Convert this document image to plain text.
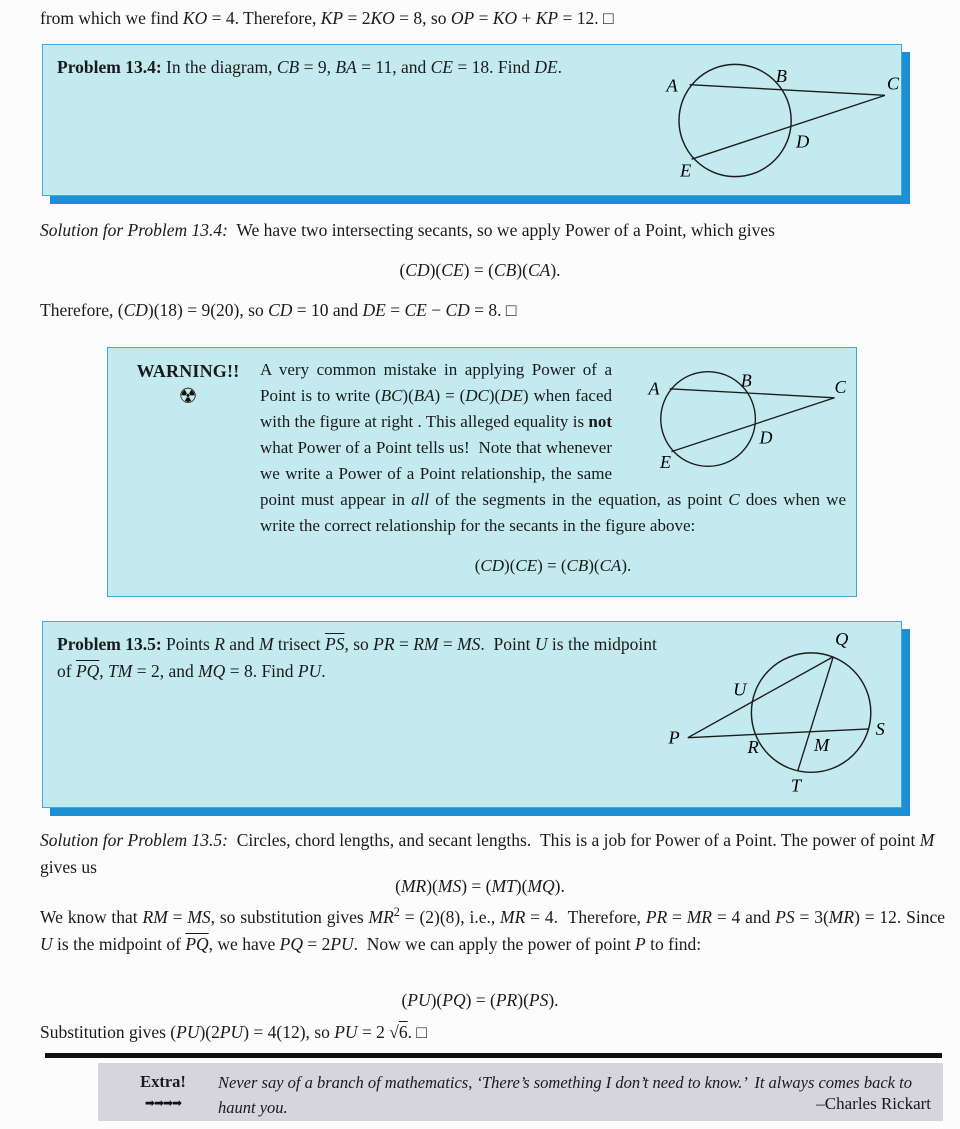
from which we find KO = 4. Therefore, KP = 2KO = 8, so OP = KO + KP = 12. □
Problem 13.4: In the diagram, CB = 9, BA = 11, and CE = 18. Find DE.
A	B	C
D
E
Solution for Problem 13.4:  We have two intersecting secants, so we apply Power of a Point, which gives
(CD)(CE) = (CB)(CA).
Therefore, (CD)(18) = 9(20), so CD = 10 and DE = CE − CD = 8. □
WARNING!!
☢	A	B	C
D
E
A very common mistake in applying Power of a Point is to write (BC)(BA) = (DC)(DE) when faced with the figure at right . This alleged equality is not what Power of a Point tells us!  Note that whenever we write a Power of a Point relationship, the same point must appear in all of the segments in the equation, as point C does when we write the correct relationship for the secants in the figure above:
(CD)(CE) = (CB)(CA).
Problem 13.5: Points R and M trisect $\overline{PS}$, so PR = RM = MS.  Point U is the midpoint of $\overline{PQ}$, TM = 2, and MQ = 8. Find PU.
P
Q
U
R
S
M
T
Solution for Problem 13.5:  Circles, chord lengths, and secant lengths.  This is a job for Power of a Point. The power of point M gives us
(MR)(MS) = (MT)(MQ).
We know that RM = MS, so substitution gives $MR^2 = (2)(8)$, i.e., MR = 4.  Therefore, PR = MR = 4 and PS = 3(MR) = 12. Since U is the midpoint of $\overline{PQ}$, we have PQ = 2PU.  Now we can apply the power of point P to find:
(PU)(PQ) = (PR)(PS).
Substitution gives (PU)(2PU) = 4(12), so PU = 2 √6. □
Extra!
➡➡➡➡
Never say of a branch of mathematics, ‘There’s something I don’t need to know.’  It always comes back to haunt you.	–Charles Rickart
